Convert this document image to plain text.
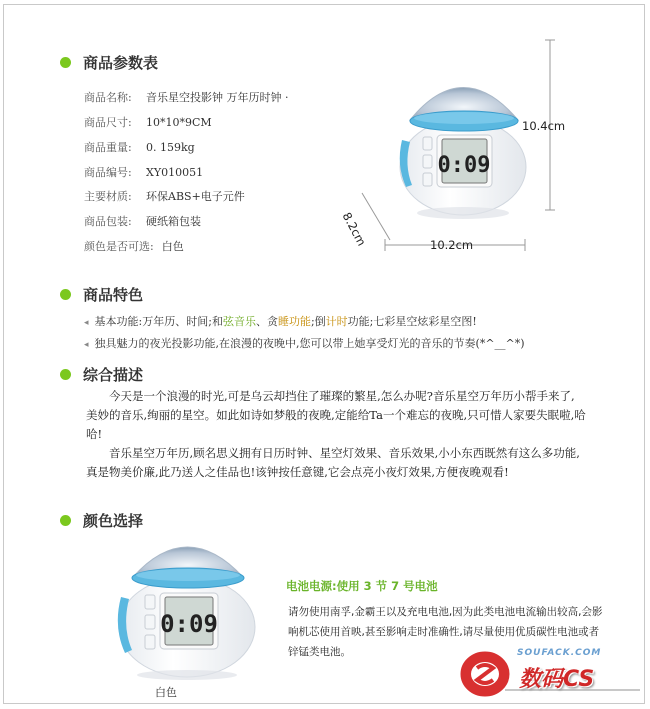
商品参数表
商品名称: 音乐星空投影钟 万年历时钟 ·
商品尺寸: 10*10*9CM
商品重量: 0. 159kg
商品编号: XY010051
主要材质: 环保ABS+电子元件
商品包装: 硬纸箱包装
颜色是否可选: 白色
0:09
10.4cm
10.2cm
8.2cm
商品特色
◂ 基本功能:万年历、时间;和弦音乐、贪睡功能;倒计时功能;七彩星空炫彩星空图!
◂ 独具魅力的夜光投影功能,在浪漫的夜晚中,您可以带上她享受灯光的音乐的节奏(*^__^*)
综合描述
今天是一个浪漫的时光,可是乌云却挡住了璀璨的繁星,怎么办呢?音乐星空万年历小帮手来了,美妙的音乐,绚丽的星空。如此如诗如梦般的夜晚,定能给Ta一个难忘的夜晚,只可惜人家要失眠啦,哈哈!
音乐星空万年历,顾名思义拥有日历时钟、星空灯效果、音乐效果,小小东西既然有这么多功能,真是物美价廉,此乃送人之佳品也!该钟按任意键,它会点亮小夜灯效果,方便夜晚观看!
颜色选择
0:09
白色
电池电源:使用 3 节 7 号电池
请勿使用南孚,金霸王以及充电电池,因为此类电池电流输出较高,会影响机芯使用首映,甚至影响走时准确性,请尽量使用优质碳性电池或者锌锰类电池。	SOUFACK.COM
数码CS
